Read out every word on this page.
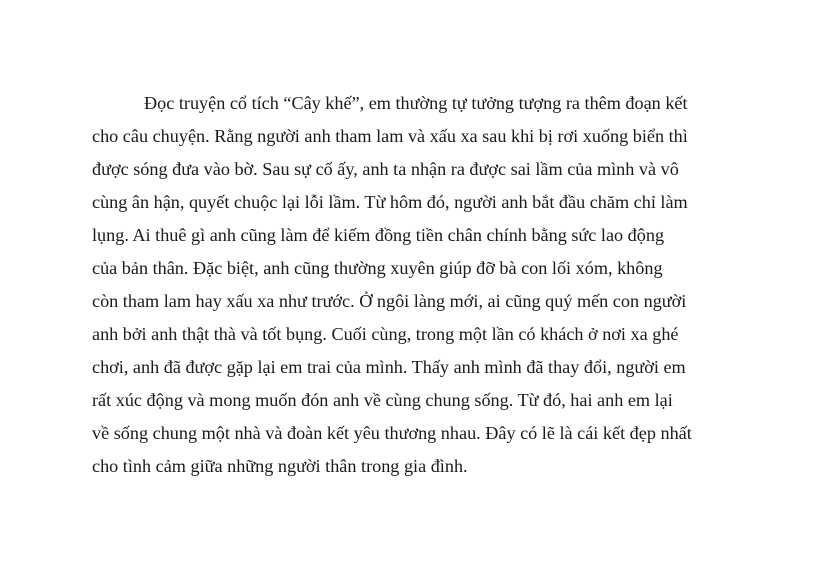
Đọc truyện cổ tích “Cây khế”, em thường tự tưởng tượng ra thêm đoạn kết
cho câu chuyện. Rằng người anh tham lam và xấu xa sau khi bị rơi xuống biển thì
được sóng đưa vào bờ. Sau sự cố ấy, anh ta nhận ra được sai lầm của mình và vô
cùng ân hận, quyết chuộc lại lỗi lầm. Từ hôm đó, người anh bắt đầu chăm chỉ làm
lụng. Ai thuê gì anh cũng làm để kiếm đồng tiền chân chính bằng sức lao động
của bản thân. Đặc biệt, anh cũng thường xuyên giúp đỡ bà con lối xóm, không
còn tham lam hay xấu xa như trước. Ở ngôi làng mới, ai cũng quý mến con người
anh bởi anh thật thà và tốt bụng. Cuối cùng, trong một lần có khách ở nơi xa ghé
chơi, anh đã được gặp lại em trai của mình. Thấy anh mình đã thay đổi, người em
rất xúc động và mong muốn đón anh về cùng chung sống. Từ đó, hai anh em lại
về sống chung một nhà và đoàn kết yêu thương nhau. Đây có lẽ là cái kết đẹp nhất
cho tình cảm giữa những người thân trong gia đình.
